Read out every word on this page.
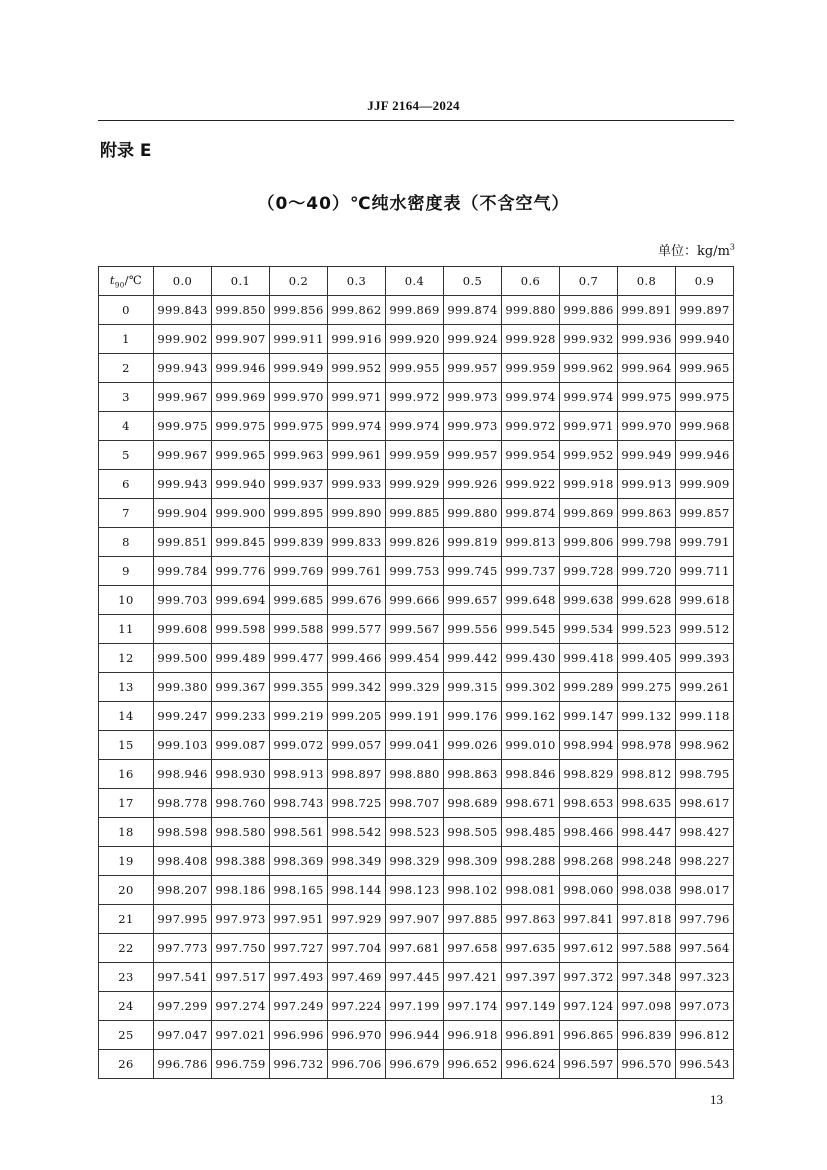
JJF 2164—2024
附录 E
（0～40）℃纯水密度表（不含空气）
单位：$kg/m^3$
$t_{90}/℃$	0.0	0.1	0.2	0.3	0.4	0.5	0.6	0.7	0.8	0.9
0	999.843	999.850	999.856	999.862	999.869	999.874	999.880	999.886	999.891	999.897
1	999.902	999.907	999.911	999.916	999.920	999.924	999.928	999.932	999.936	999.940
2	999.943	999.946	999.949	999.952	999.955	999.957	999.959	999.962	999.964	999.965
3	999.967	999.969	999.970	999.971	999.972	999.973	999.974	999.974	999.975	999.975
4	999.975	999.975	999.975	999.974	999.974	999.973	999.972	999.971	999.970	999.968
5	999.967	999.965	999.963	999.961	999.959	999.957	999.954	999.952	999.949	999.946
6	999.943	999.940	999.937	999.933	999.929	999.926	999.922	999.918	999.913	999.909
7	999.904	999.900	999.895	999.890	999.885	999.880	999.874	999.869	999.863	999.857
8	999.851	999.845	999.839	999.833	999.826	999.819	999.813	999.806	999.798	999.791
9	999.784	999.776	999.769	999.761	999.753	999.745	999.737	999.728	999.720	999.711
10	999.703	999.694	999.685	999.676	999.666	999.657	999.648	999.638	999.628	999.618
11	999.608	999.598	999.588	999.577	999.567	999.556	999.545	999.534	999.523	999.512
12	999.500	999.489	999.477	999.466	999.454	999.442	999.430	999.418	999.405	999.393
13	999.380	999.367	999.355	999.342	999.329	999.315	999.302	999.289	999.275	999.261
14	999.247	999.233	999.219	999.205	999.191	999.176	999.162	999.147	999.132	999.118
15	999.103	999.087	999.072	999.057	999.041	999.026	999.010	998.994	998.978	998.962
16	998.946	998.930	998.913	998.897	998.880	998.863	998.846	998.829	998.812	998.795
17	998.778	998.760	998.743	998.725	998.707	998.689	998.671	998.653	998.635	998.617
18	998.598	998.580	998.561	998.542	998.523	998.505	998.485	998.466	998.447	998.427
19	998.408	998.388	998.369	998.349	998.329	998.309	998.288	998.268	998.248	998.227
20	998.207	998.186	998.165	998.144	998.123	998.102	998.081	998.060	998.038	998.017
21	997.995	997.973	997.951	997.929	997.907	997.885	997.863	997.841	997.818	997.796
22	997.773	997.750	997.727	997.704	997.681	997.658	997.635	997.612	997.588	997.564
23	997.541	997.517	997.493	997.469	997.445	997.421	997.397	997.372	997.348	997.323
24	997.299	997.274	997.249	997.224	997.199	997.174	997.149	997.124	997.098	997.073
25	997.047	997.021	996.996	996.970	996.944	996.918	996.891	996.865	996.839	996.812
26	996.786	996.759	996.732	996.706	996.679	996.652	996.624	996.597	996.570	996.543
13
